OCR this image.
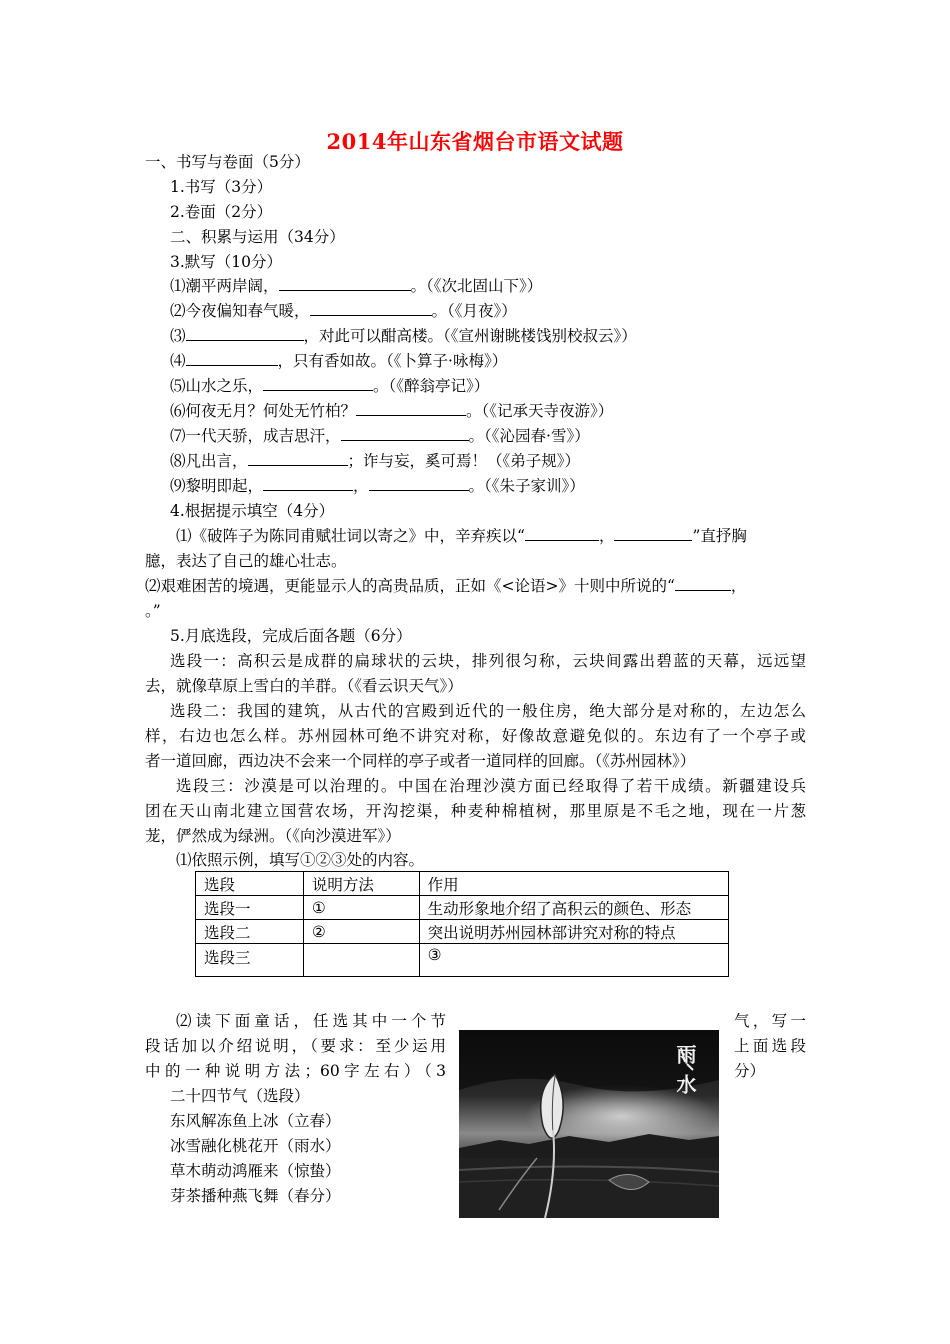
2014年山东省烟台市语文试题
一、书写与卷面（5分）
1.书写（3分）
2.卷面（2分）
二、积累与运用（34分）
3.默写（10分）
⑴潮平两岸阔，	。（《次北固山下》）
⑵今夜偏知春气暖，	。（《月夜》）
⑶	，对此可以酣高楼。（《宣州谢眺楼饯别校叔云》）
⑷	，只有香如故。（《卜算子·咏梅》）
⑸山水之乐，	。（《醉翁亭记》）
⑹何夜无月？何处无竹柏？	。（《记承天寺夜游》）
⑺一代天骄，成吉思汗，	。（《沁园春·雪》）
⑻凡出言，	；诈与妄，奚可焉！（《弟子规》）
⑼黎明即起，	，	。（《朱子家训》）
4.根据提示填空（4分）
⑴《破阵子为陈同甫赋壮词以寄之》中，辛弃疾以“	，	”直抒胸
臆，表达了自己的雄心壮志。
⑵艰难困苦的境遇，更能显示人的高贵品质，正如《<论语>》十则中所说的“	，
。”
5.月底选段，完成后面各题（6分）
选段一：高积云是成群的扁球状的云块，排列很匀称，云块间露出碧蓝的天幕，远远望
去，就像草原上雪白的羊群。（《看云识天气》）
选段二：我国的建筑，从古代的宫殿到近代的一般住房，绝大部分是对称的，左边怎么
样，右边也怎么样。苏州园林可绝不讲究对称，好像故意避免似的。东边有了一个亭子或
者一道回廊，西边决不会来一个同样的亭子或者一道同样的回廊。（《苏州园林》）
选段三：沙漠是可以治理的。中国在治理沙漠方面已经取得了若干成绩。新疆建设兵
团在天山南北建立国营农场，开沟挖渠，种麦种棉植树，那里原是不毛之地，现在一片葱
茏，俨然成为绿洲。（《向沙漠进军》）
⑴依照示例，填写①②③处的内容。
选段	说明方法	作用
选段一	①	生动形象地介绍了高积云的颜色、形态
选段二	②	突出说明苏州园林部讲究对称的特点
选段三		③
⑵读下面童话，任选其中一个节
段话加以介绍说明，（要求：至少运用
中的一种说明方法；60字左右）（3
气，写一
上面选段
分）
二十四节气（选段）
东风解冻鱼上冰（立春）
冰雪融化桃花开（雨水）
草木萌动鸿雁来（惊蛰）
芽茶播种燕飞舞（春分）
雨水
